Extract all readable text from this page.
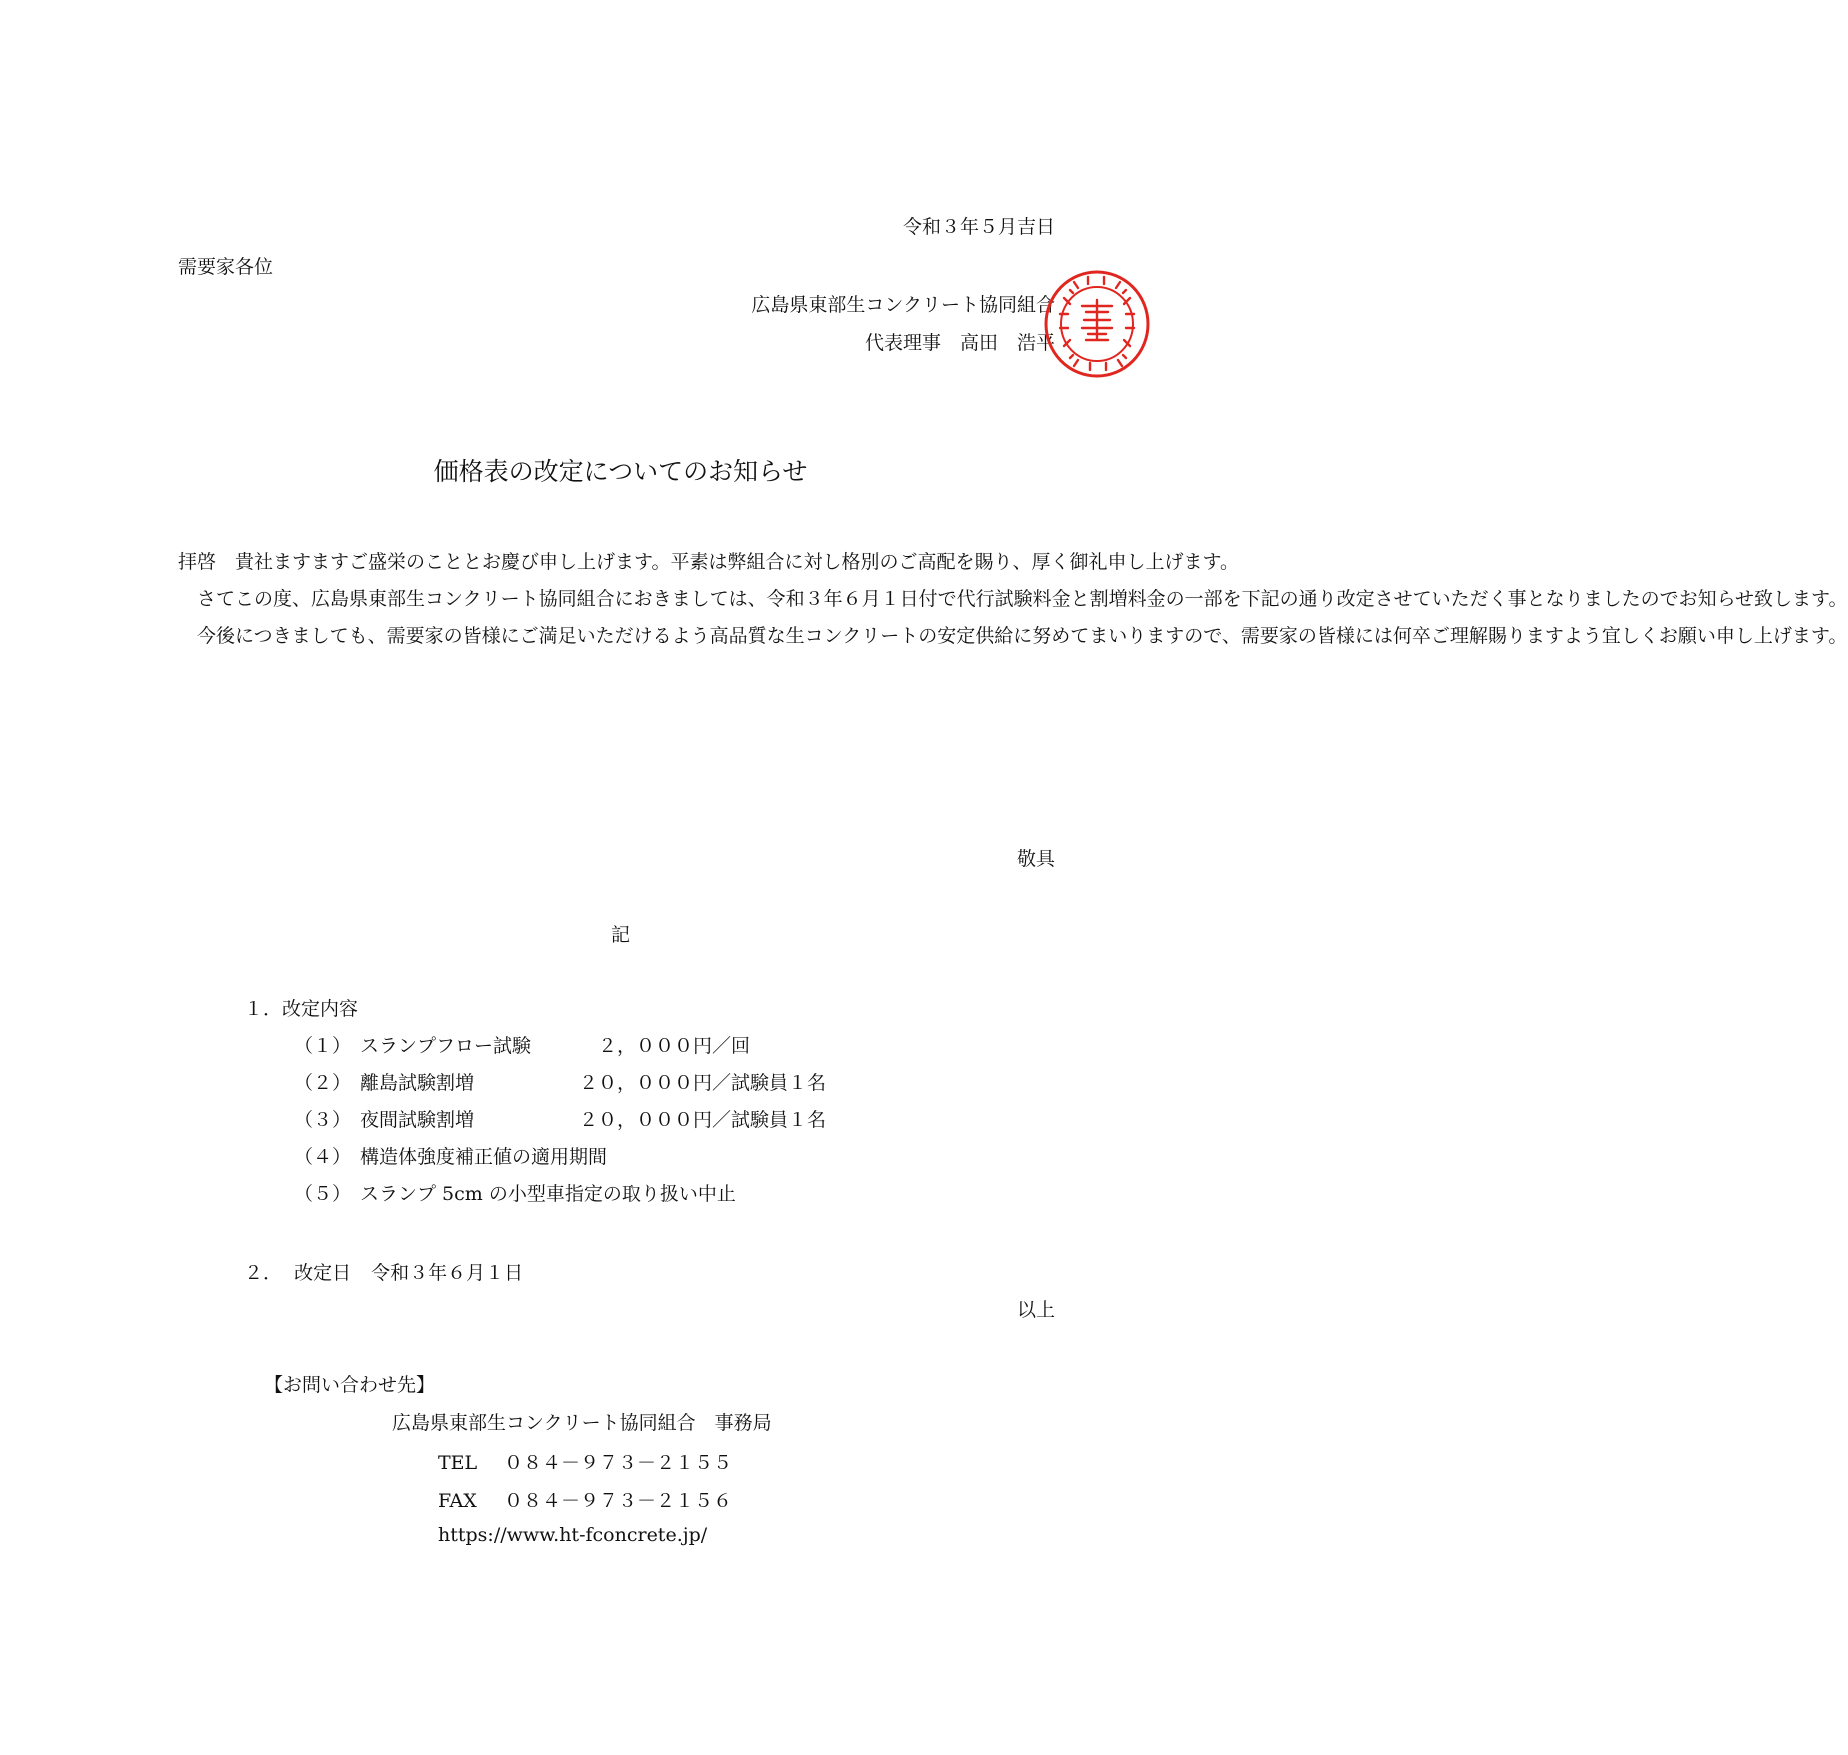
令和３年５月吉日
需要家各位
広島県東部生コンクリート協同組合
代表理事　高田　浩平
価格表の改定についてのお知らせ

拝啓　貴社ますますご盛栄のこととお慶び申し上げます。平素は弊組合に対し格別のご高配を賜り、厚く御礼申し上げます。

さてこの度、広島県東部生コンクリート協同組合におきましては、令和３年６月１日付で代行試験料金と割増料金の一部を下記の通り改定させていただく事となりましたのでお知らせ致します。

今後につきましても、需要家の皆様にご満足いただけるよう高品質な生コンクリートの安定供給に努めてまいりますので、需要家の皆様には何卒ご理解賜りますよう宜しくお願い申し上げます。

敬具
記
１．改定内容
（１） スランプフロー試験	２，０００円／回
（２） 離島試験割増	２０，０００円／試験員１名
（３） 夜間試験割増	２０，０００円／試験員１名
（４） 構造体強度補正値の適用期間
（５） スランプ 5cm の小型車指定の取り扱い中止
２． 改定日 令和３年６月１日
以上
【お問い合わせ先】
広島県東部生コンクリート協同組合　事務局
TEL ０８４－９７３－２１５５
FAX ０８４－９７３－２１５６
https://www.ht-fconcrete.jp/
